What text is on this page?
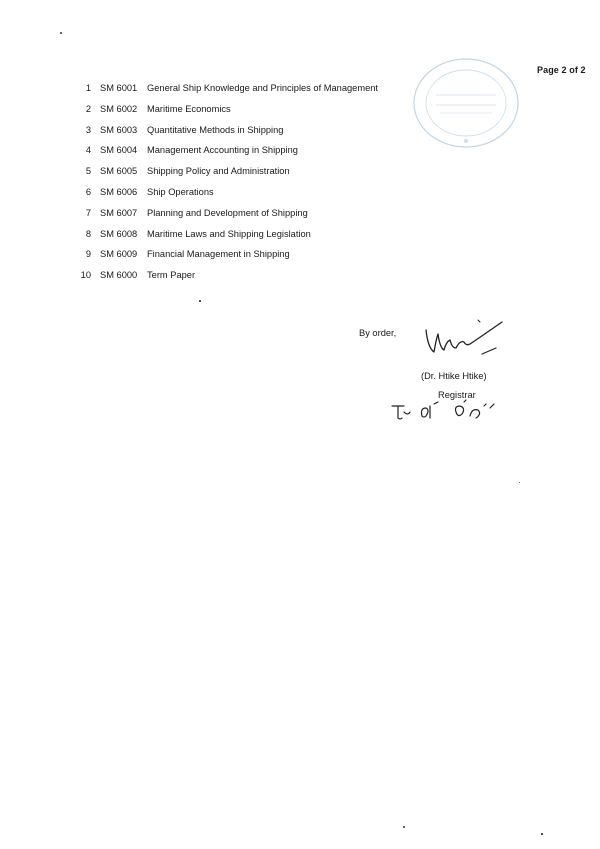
Page 2 of 2
1 SM 6001 General Ship Knowledge and Principles of Management
2 SM 6002 Maritime Economics
3 SM 6003 Quantitative Methods in Shipping
4 SM 6004 Management Accounting in Shipping
5 SM 6005 Shipping Policy and Administration
6 SM 6006 Ship Operations
7 SM 6007 Planning and Development of Shipping
8 SM 6008 Maritime Laws and Shipping Legislation
9 SM 6009 Financial Management in Shipping
10 SM 6000 Term Paper
By order,
(Dr. Htike Htike)
Registrar
